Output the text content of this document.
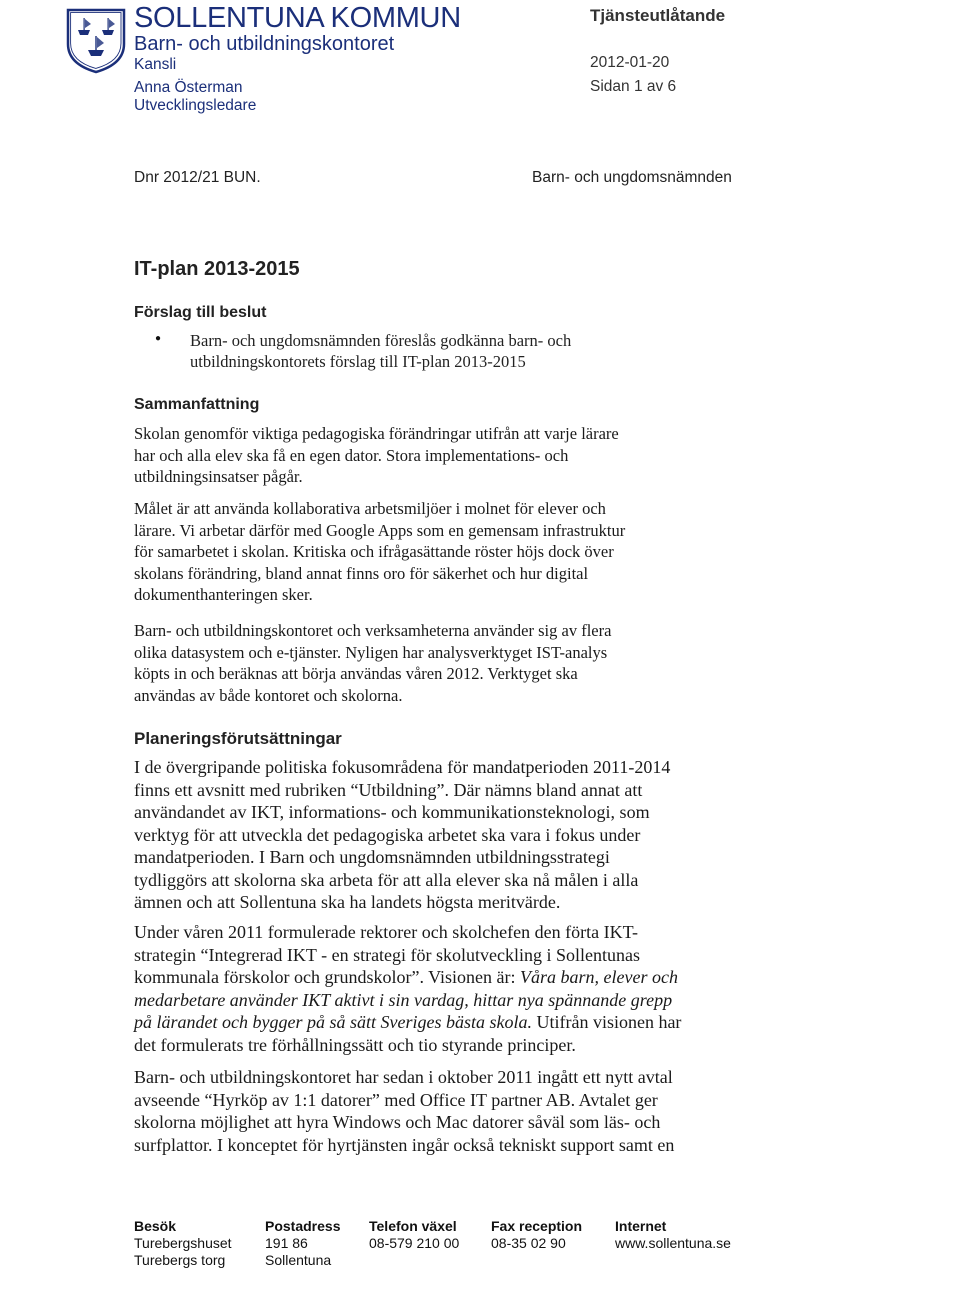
SOLLENTUNA KOMMUN
Barn- och utbildningskontoret
Kansli
Anna Österman
Utvecklingsledare
Tjänsteutlåtande
2012-01-20
Sidan 1 av 6
Dnr 2012/21 BUN.	Barn- och ungdomsnämnden
IT-plan 2013-2015
Förslag till beslut
● Barn- och ungdomsnämnden föreslås godkänna barn- och
utbildningskontorets förslag till IT-plan 2013-2015
Sammanfattning
Skolan genomför viktiga pedagogiska förändringar utifrån att varje lärare
har och alla elev ska få en egen dator. Stora implementations- och
utbildningsinsatser pågår.
Målet är att använda kollaborativa arbetsmiljöer i molnet för elever och
lärare. Vi arbetar därför med Google Apps som en gemensam infrastruktur
för samarbetet i skolan. Kritiska och ifrågasättande röster höjs dock över
skolans förändring, bland annat finns oro för säkerhet och hur digital
dokumenthanteringen sker.
Barn- och utbildningskontoret och verksamheterna använder sig av flera
olika datasystem och e-tjänster. Nyligen har analysverktyget IST-analys
köpts in och beräknas att börja användas våren 2012. Verktyget ska
användas av både kontoret och skolorna.
Planeringsförutsättningar
I de övergripande politiska fokusområdena för mandatperioden 2011-2014
finns ett avsnitt med rubriken “Utbildning”. Där nämns bland annat att
användandet av IKT, informations- och kommunikationsteknologi, som
verktyg för att utveckla det pedagogiska arbetet ska vara i fokus under
mandatperioden. I Barn och ungdomsnämnden utbildningsstrategi
tydliggörs att skolorna ska arbeta för att alla elever ska nå målen i alla
ämnen och att Sollentuna ska ha landets högsta meritvärde.
Under våren 2011 formulerade rektorer och skolchefen den förta IKT-
strategin “Integrerad IKT - en strategi för skolutveckling i Sollentunas
kommunala förskolor och grundskolor”. Visionen är: Våra barn, elever och
medarbetare använder IKT aktivt i sin vardag, hittar nya spännande grepp
på lärandet och bygger på så sätt Sveriges bästa skola. Utifrån visionen har
det formulerats tre förhållningssätt och tio styrande principer.
Barn- och utbildningskontoret har sedan i oktober 2011 ingått ett nytt avtal
avseende “Hyrköp av 1:1 datorer” med Office IT partner AB. Avtalet ger
skolorna möjlighet att hyra Windows och Mac datorer såväl som läs- och
surfplattor. I konceptet för hyrtjänsten ingår också tekniskt support samt en
Besök
Turebergshuset
Turebergs torg
Postadress
191 86
Sollentuna
Telefon växel
08-579 210 00
Fax reception
08-35 02 90
Internet
www.sollentuna.se
